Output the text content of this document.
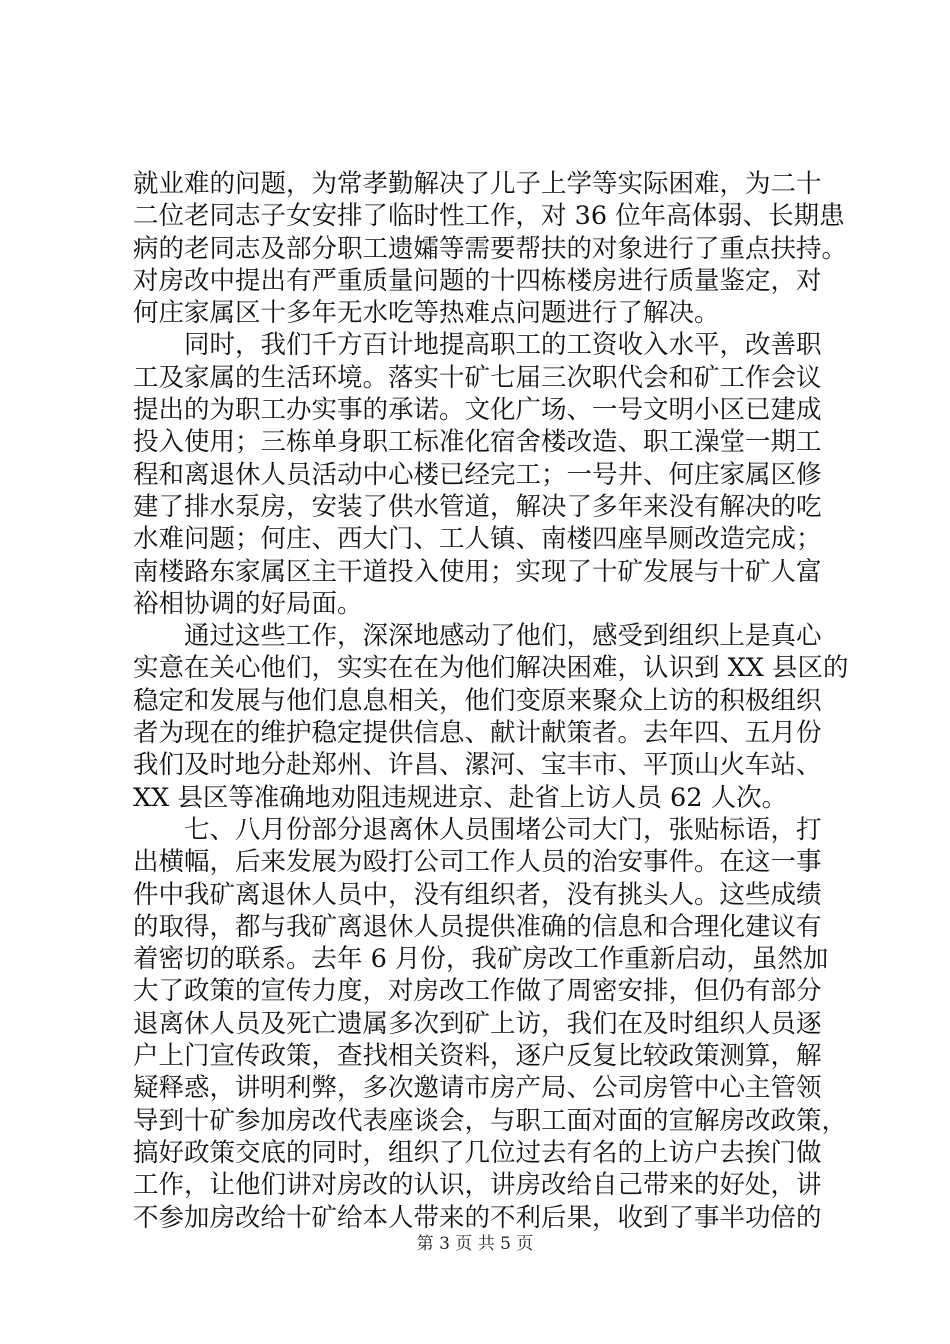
就业难的问题，为常孝勤解决了儿子上学等实际困难，为二十
二位老同志子女安排了临时性工作，对 36 位年高体弱、长期患
病的老同志及部分职工遗孀等需要帮扶的对象进行了重点扶持。
对房改中提出有严重质量问题的十四栋楼房进行质量鉴定，对
何庄家属区十多年无水吃等热难点问题进行了解决。
同时，我们千方百计地提高职工的工资收入水平，改善职
工及家属的生活环境。落实十矿七届三次职代会和矿工作会议
提出的为职工办实事的承诺。文化广场、一号文明小区已建成
投入使用；三栋单身职工标准化宿舍楼改造、职工澡堂一期工
程和离退休人员活动中心楼已经完工；一号井、何庄家属区修
建了排水泵房，安装了供水管道，解决了多年来没有解决的吃
水难问题；何庄、西大门、工人镇、南楼四座旱厕改造完成；
南楼路东家属区主干道投入使用；实现了十矿发展与十矿人富
裕相协调的好局面。
通过这些工作，深深地感动了他们，感受到组织上是真心
实意在关心他们，实实在在为他们解决困难，认识到 XX 县区的
稳定和发展与他们息息相关，他们变原来聚众上访的积极组织
者为现在的维护稳定提供信息、献计献策者。去年四、五月份
我们及时地分赴郑州、许昌、漯河、宝丰市、平顶山火车站、
XX 县区等准确地劝阻违规进京、赴省上访人员 62 人次。
七、八月份部分退离休人员围堵公司大门，张贴标语，打
出横幅，后来发展为殴打公司工作人员的治安事件。在这一事
件中我矿离退休人员中，没有组织者，没有挑头人。这些成绩
的取得，都与我矿离退休人员提供准确的信息和合理化建议有
着密切的联系。去年 6 月份，我矿房改工作重新启动，虽然加
大了政策的宣传力度，对房改工作做了周密安排，但仍有部分
退离休人员及死亡遗属多次到矿上访，我们在及时组织人员逐
户上门宣传政策，查找相关资料，逐户反复比较政策测算，解
疑释惑，讲明利弊，多次邀请市房产局、公司房管中心主管领
导到十矿参加房改代表座谈会，与职工面对面的宣解房改政策，
搞好政策交底的同时，组织了几位过去有名的上访户去挨门做
工作，让他们讲对房改的认识，讲房改给自己带来的好处，讲
不参加房改给十矿给本人带来的不利后果，收到了事半功倍的
第 3 页 共 5 页
